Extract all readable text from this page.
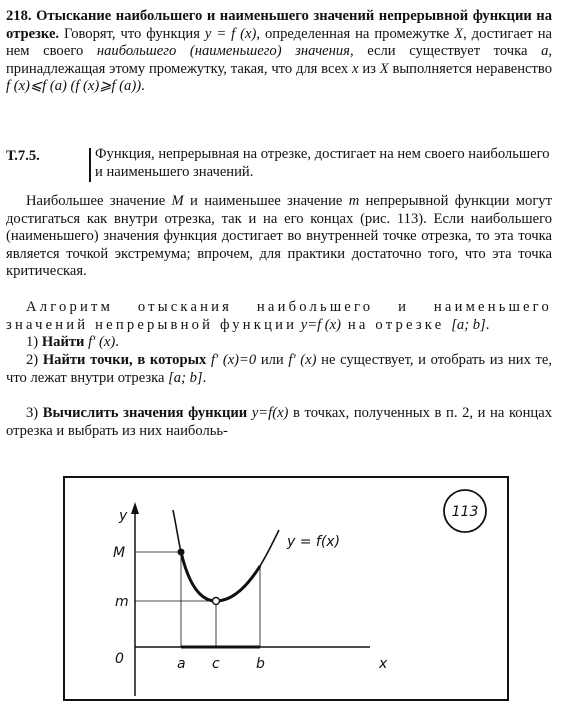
218. Отыскание наибольшего и наименьшего значений непрерывной функции на отрезке. Говорят, что функция y = f (x), определенная на промежутке X, достигает на нем своего наибольшего (наименьшего) значения, если существует точка a, принадлежащая этому промежутку, такая, что для всех x из X выполняется неравенство f (x)⩽f (a) (f (x)⩾f (a)).

Т.7.5.	Функция, непрерывная на отрезке, достигает на нем своего наибольшего и наименьшего значений.

Наибольшее значение M и наименьшее значение m непрерывной функции могут достигаться как внутри отрезка, так и на его концах (рис. 113). Если наибольшего (наименьшего) значения функция достигает во внутренней точке отрезка, то эта точка является точкой экстремума; впрочем, для практики достаточно того, что эта точка критическая.

Алгоритм отыскания наибольшего и наименьшего значений непрерывной функции y=f (x) на отрезке [a; b].

1) Найти f′ (x).

2) Найти точки, в которых f′ (x)=0 или f′ (x) не существует, и отобрать из них те, что лежат внутри отрезка [a; b].

3) Вычислить значения функции y=f(x) в точках, полученных в п. 2, и на концах отрезка и выбрать из них наибольь-

y
x
0
M
m
a c	b
y = f(x)
113
